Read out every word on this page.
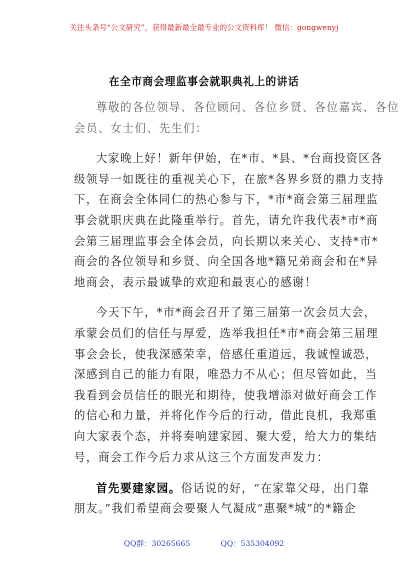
关注头条号“公文研究”，获得最新最全最专业的公文资料库！ 微信：gongwenyj
在全市商会理监事会就职典礼上的讲话
尊敬的各位领导、各位顾问、各位乡贤、各位嘉宾、各位
会员、女士们、先生们：
大家晚上好！新年伊始，在*市、*县、*台商投资区各
级领导一如既往的重视关心下，在旅*各界乡贤的鼎力支持
下，在商会全体同仁的热心参与下，*市*商会第三届理监
事会就职庆典在此隆重举行。首先，请允许我代表*市*商
会第三届理监事会全体会员，向长期以来关心、支持*市*
商会的各位领导和乡贤、向全国各地*籍兄弟商会和在*异
地商会，表示最诚挚的欢迎和最衷心的感谢！
今天下午，*市*商会召开了第三届第一次会员大会，
承蒙会员们的信任与厚爱，选举我担任*市*商会第三届理
事会会长，使我深感荣幸，倍感任重道远，我诚惶诚恐，
深感到自己的能力有限，唯恐力不从心；但尽管如此，当
我看到会员信任的眼光和期待，使我增添对做好商会工作
的信心和力量，并将化作今后的行动，借此良机，我郑重
向大家表个态，并将奏响建家园、聚大爱，给大力的集结
号，商会工作今后力求从这三个方面发声发力：
首先要建家园。俗话说的好，“在家靠父母，出门靠
朋友。”我们希望商会要聚人气凝成“惠聚*城”的*籍企
QQ群：30265665	QQ：535304092
